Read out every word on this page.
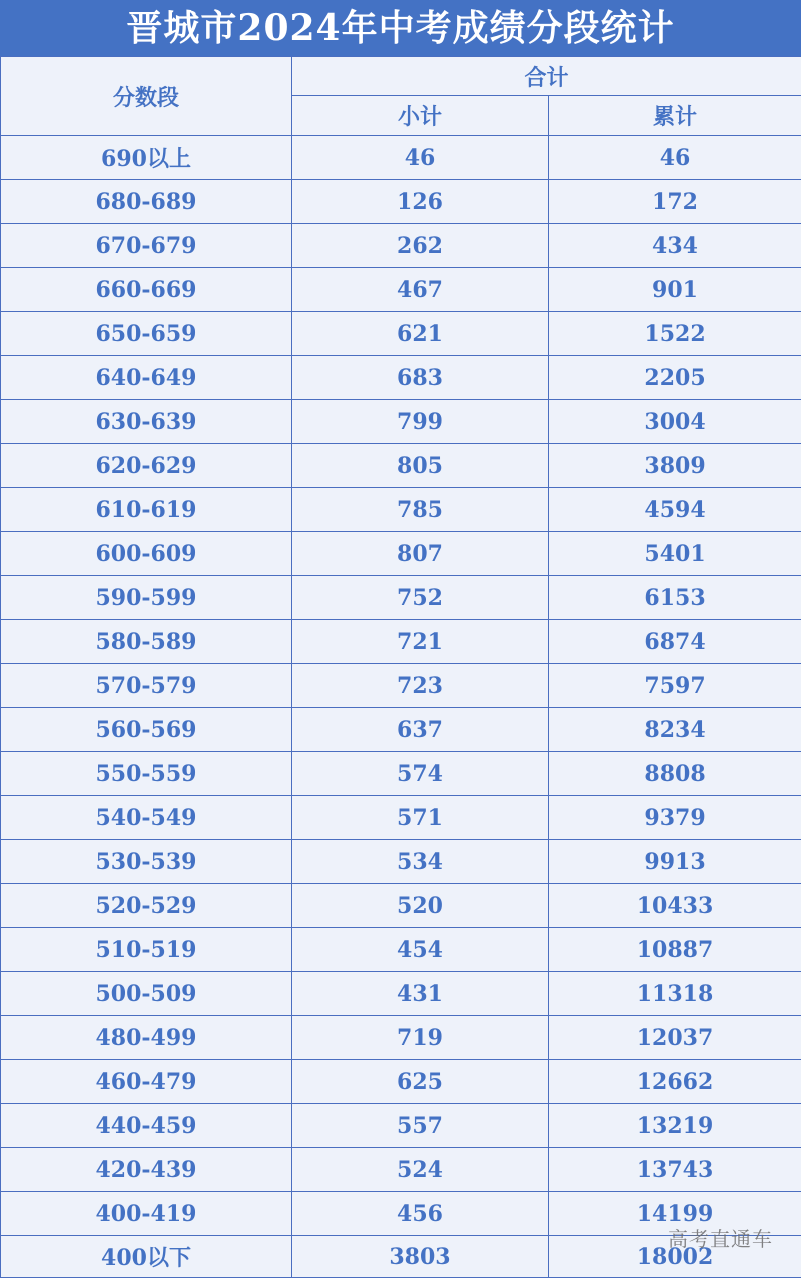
晋城市2024年中考成绩分段统计
分数段	合计	
	小计	累计
690以上	46	46
680-689	126	172
670-679	262	434
660-669	467	901
650-659	621	1522
640-649	683	2205
630-639	799	3004
620-629	805	3809
610-619	785	4594
600-609	807	5401
590-599	752	6153
580-589	721	6874
570-579	723	7597
560-569	637	8234
550-559	574	8808
540-549	571	9379
530-539	534	9913
520-529	520	10433
510-519	454	10887
500-509	431	11318
480-499	719	12037
460-479	625	12662
440-459	557	13219
420-439	524	13743
400-419	456	14199
400以下	3803	18002
高考直通车
